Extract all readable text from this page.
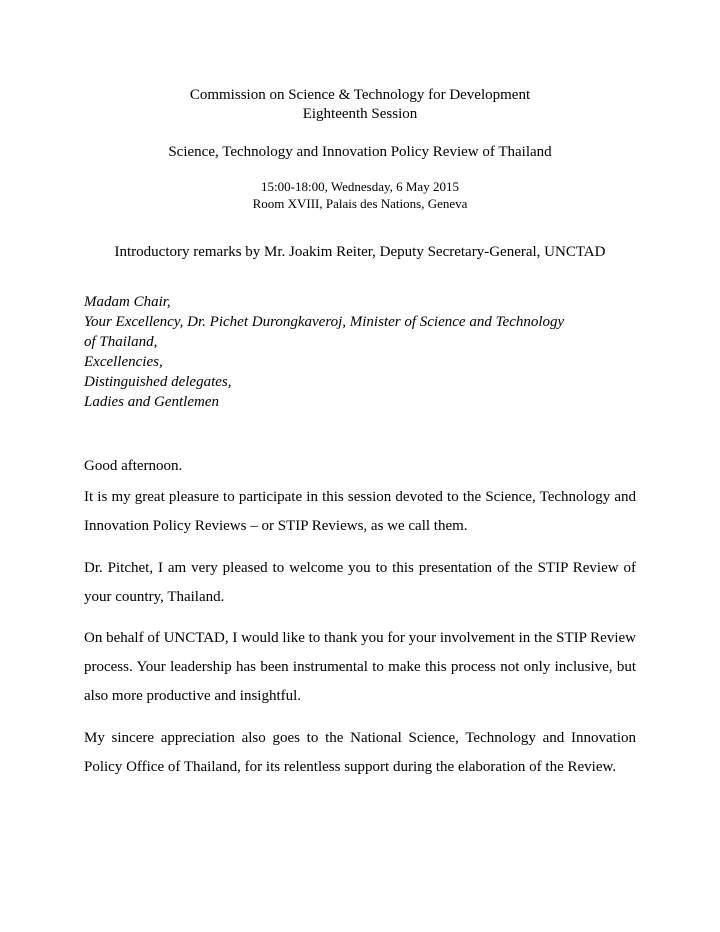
Commission on Science & Technology for Development
Eighteenth Session
Science, Technology and Innovation Policy Review of Thailand
15:00-18:00, Wednesday, 6 May 2015
Room XVIII, Palais des Nations, Geneva
Introductory remarks by Mr. Joakim Reiter, Deputy Secretary-General, UNCTAD
Madam Chair,
Your Excellency, Dr. Pichet Durongkaveroj, Minister of Science and Technology
of Thailand,
Excellencies,
Distinguished delegates,
Ladies and Gentlemen

Good afternoon.

It is my great pleasure to participate in this session devoted to the Science, Technology and Innovation Policy Reviews – or STIP Reviews, as we call them.

Dr. Pitchet, I am very pleased to welcome you to this presentation of the STIP Review of your country, Thailand.

On behalf of UNCTAD, I would like to thank you for your involvement in the STIP Review process. Your leadership has been instrumental to make this process not only inclusive, but also more productive and insightful.

My sincere appreciation also goes to the National Science, Technology and Innovation Policy Office of Thailand, for its relentless support during the elaboration of the Review.
